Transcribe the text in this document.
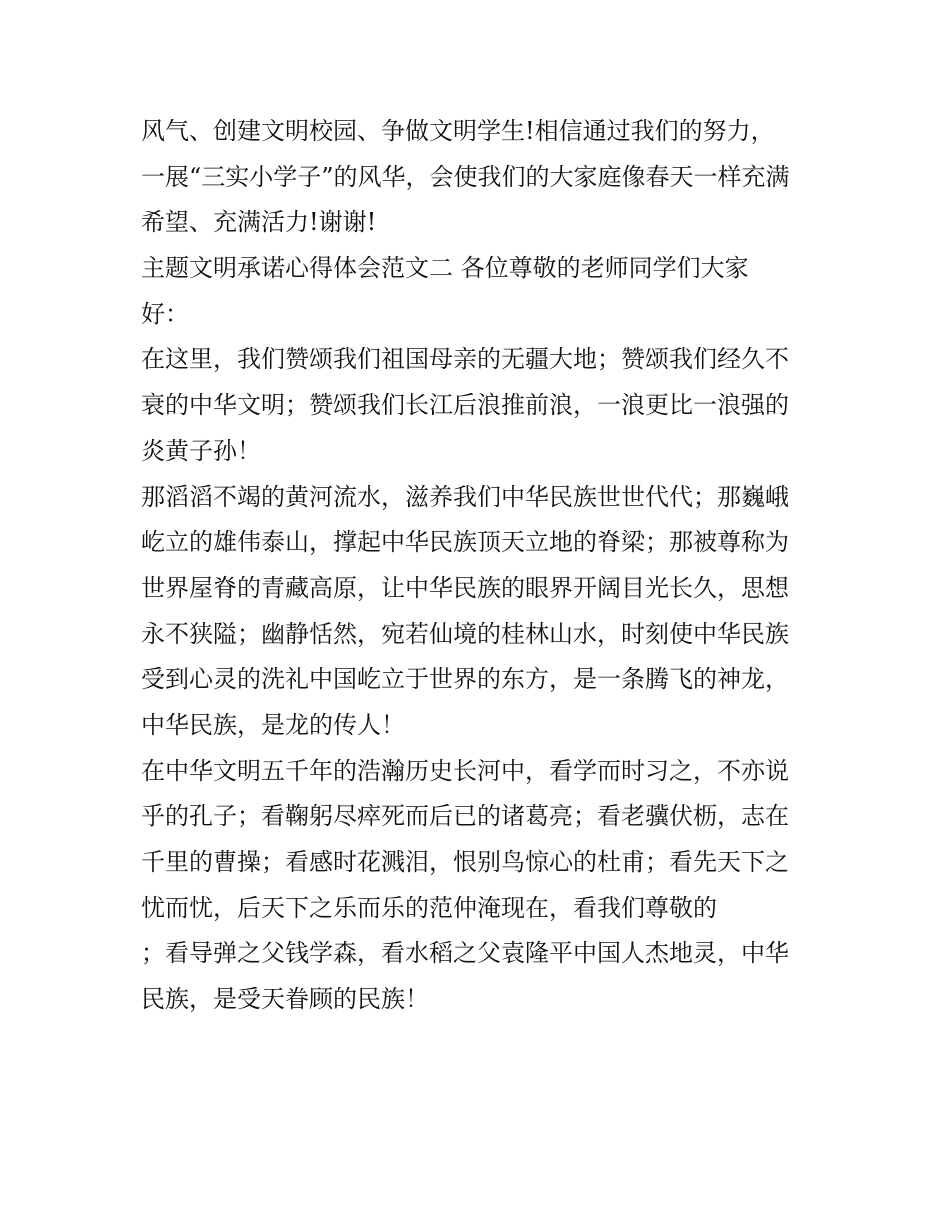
风气、创建文明校园、争做文明学生!相信通过我们的努力，
一展“三实小学子”的风华，会使我们的大家庭像春天一样充满
希望、充满活力!谢谢!
主题文明承诺心得体会范文二 各位尊敬的老师同学们大家
好：
在这里，我们赞颂我们祖国母亲的无疆大地；赞颂我们经久不
衰的中华文明；赞颂我们长江后浪推前浪，一浪更比一浪强的
炎黄子孙！
那滔滔不竭的黄河流水，滋养我们中华民族世世代代；那巍峨
屹立的雄伟泰山，撑起中华民族顶天立地的脊梁；那被尊称为
世界屋脊的青藏高原，让中华民族的眼界开阔目光长久，思想
永不狭隘；幽静恬然，宛若仙境的桂林山水，时刻使中华民族
受到心灵的洗礼中国屹立于世界的东方，是一条腾飞的神龙，
中华民族，是龙的传人！
在中华文明五千年的浩瀚历史长河中，看学而时习之，不亦说
乎的孔子；看鞠躬尽瘁死而后已的诸葛亮；看老骥伏枥，志在
千里的曹操；看感时花溅泪，恨别鸟惊心的杜甫；看先天下之
忧而忧，后天下之乐而乐的范仲淹现在，看我们尊敬的
；看导弹之父钱学森，看水稻之父袁隆平中国人杰地灵，中华
民族，是受天眷顾的民族！
